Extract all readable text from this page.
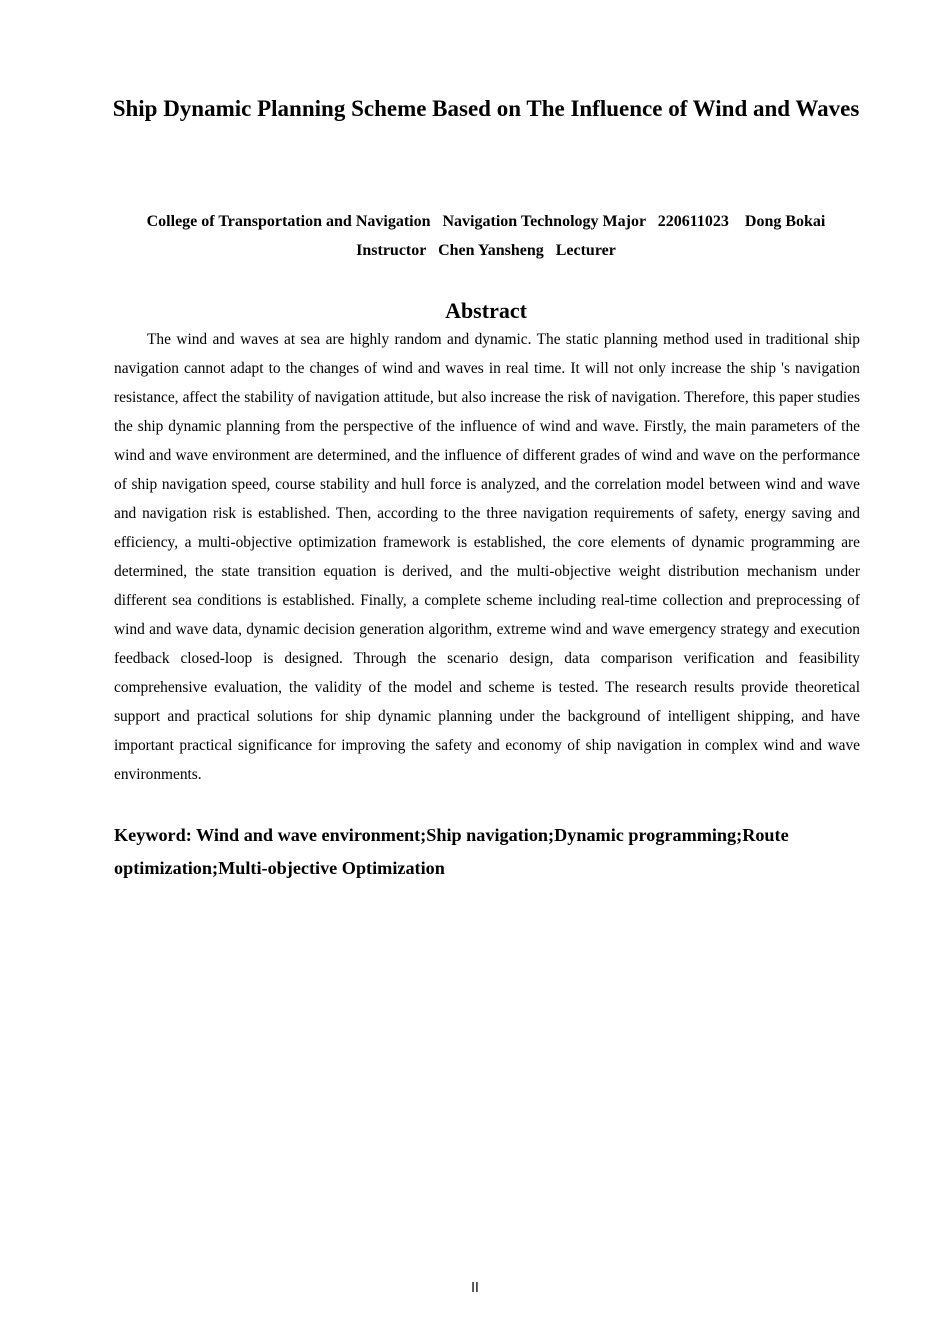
Ship Dynamic Planning Scheme Based on The Influence of Wind and Waves
College of Transportation and Navigation   Navigation Technology Major   220611023    Dong Bokai
Instructor   Chen Yansheng   Lecturer
Abstract

The wind and waves at sea are highly random and dynamic. The static planning method used in traditional ship navigation cannot adapt to the changes of wind and waves in real time. It will not only increase the ship 's navigation resistance, affect the stability of navigation attitude, but also increase the risk of navigation. Therefore, this paper studies the ship dynamic planning from the perspective of the influence of wind and wave. Firstly, the main parameters of the wind and wave environment are determined, and the influence of different grades of wind and wave on the performance of ship navigation speed, course stability and hull force is analyzed, and the correlation model between wind and wave and navigation risk is established. Then, according to the three navigation requirements of safety, energy saving and efficiency, a multi-objective optimization framework is established, the core elements of dynamic programming are determined, the state transition equation is derived, and the multi-objective weight distribution mechanism under different sea conditions is established. Finally, a complete scheme including real-time collection and preprocessing of wind and wave data, dynamic decision generation algorithm, extreme wind and wave emergency strategy and execution feedback closed-loop is designed. Through the scenario design, data comparison verification and feasibility comprehensive evaluation, the validity of the model and scheme is tested. The research results provide theoretical support and practical solutions for ship dynamic planning under the background of intelligent shipping, and have important practical significance for improving the safety and economy of ship navigation in complex wind and wave environments.

Keyword: Wind and wave environment;Ship navigation;Dynamic programming;Route optimization;Multi-objective Optimization

II
